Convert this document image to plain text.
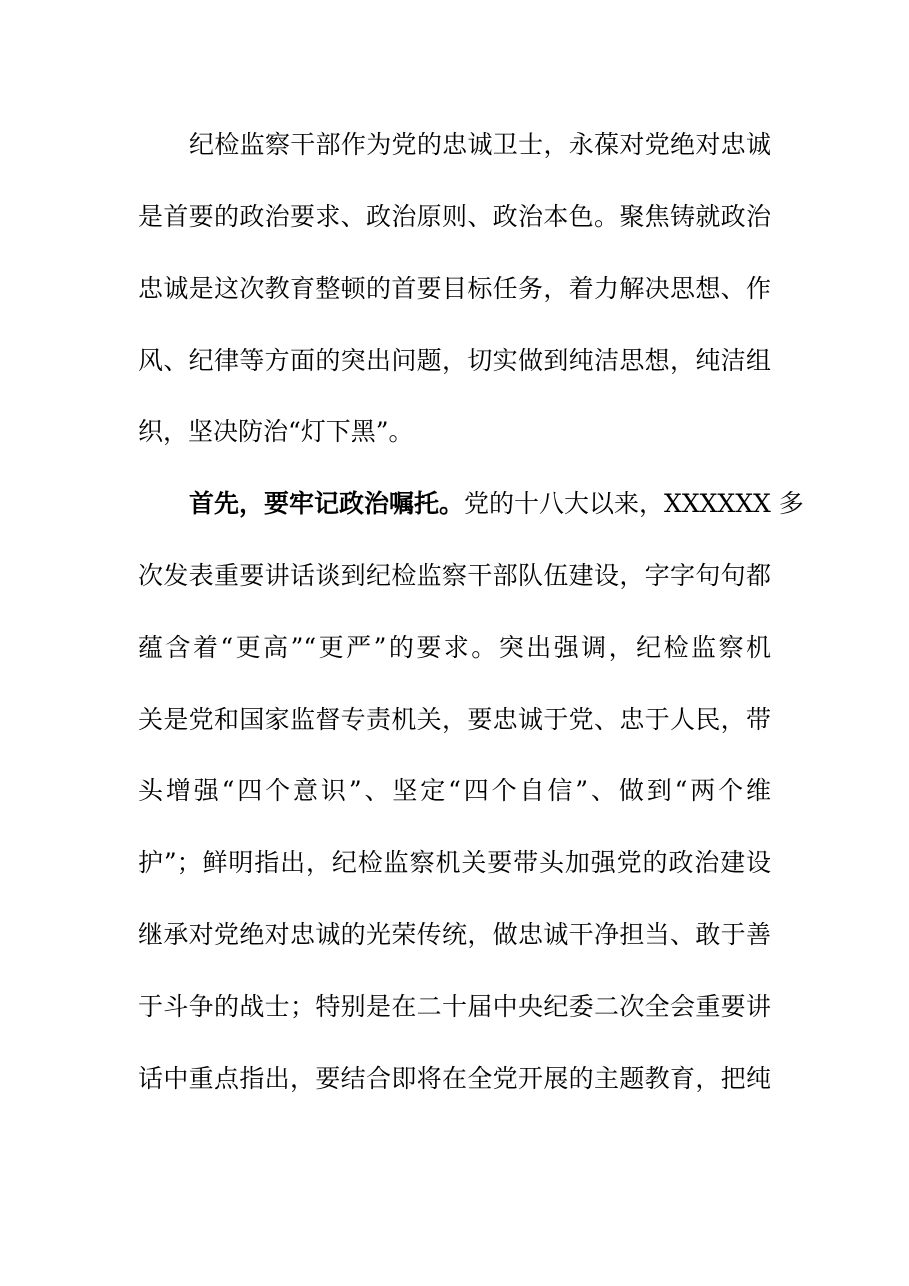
纪检监察干部作为党的忠诚卫士，永葆对党绝对忠诚
是首要的政治要求、政治原则、政治本色。聚焦铸就政治
忠诚是这次教育整顿的首要目标任务，着力解决思想、作
风、纪律等方面的突出问题，切实做到纯洁思想，纯洁组
织，坚决防治“灯下黑”。
首先，要牢记政治嘱托。党的十八大以来，XXXXXX 多
次发表重要讲话谈到纪检监察干部队伍建设，字字句句都
蕴含着“更高”“更严”的要求。突出强调，纪检监察机
关是党和国家监督专责机关，要忠诚于党、忠于人民，带
头增强“四个意识”、坚定“四个自信”、做到“两个维
护”；鲜明指出，纪检监察机关要带头加强党的政治建设
继承对党绝对忠诚的光荣传统，做忠诚干净担当、敢于善
于斗争的战士；特别是在二十届中央纪委二次全会重要讲
话中重点指出，要结合即将在全党开展的主题教育，把纯
